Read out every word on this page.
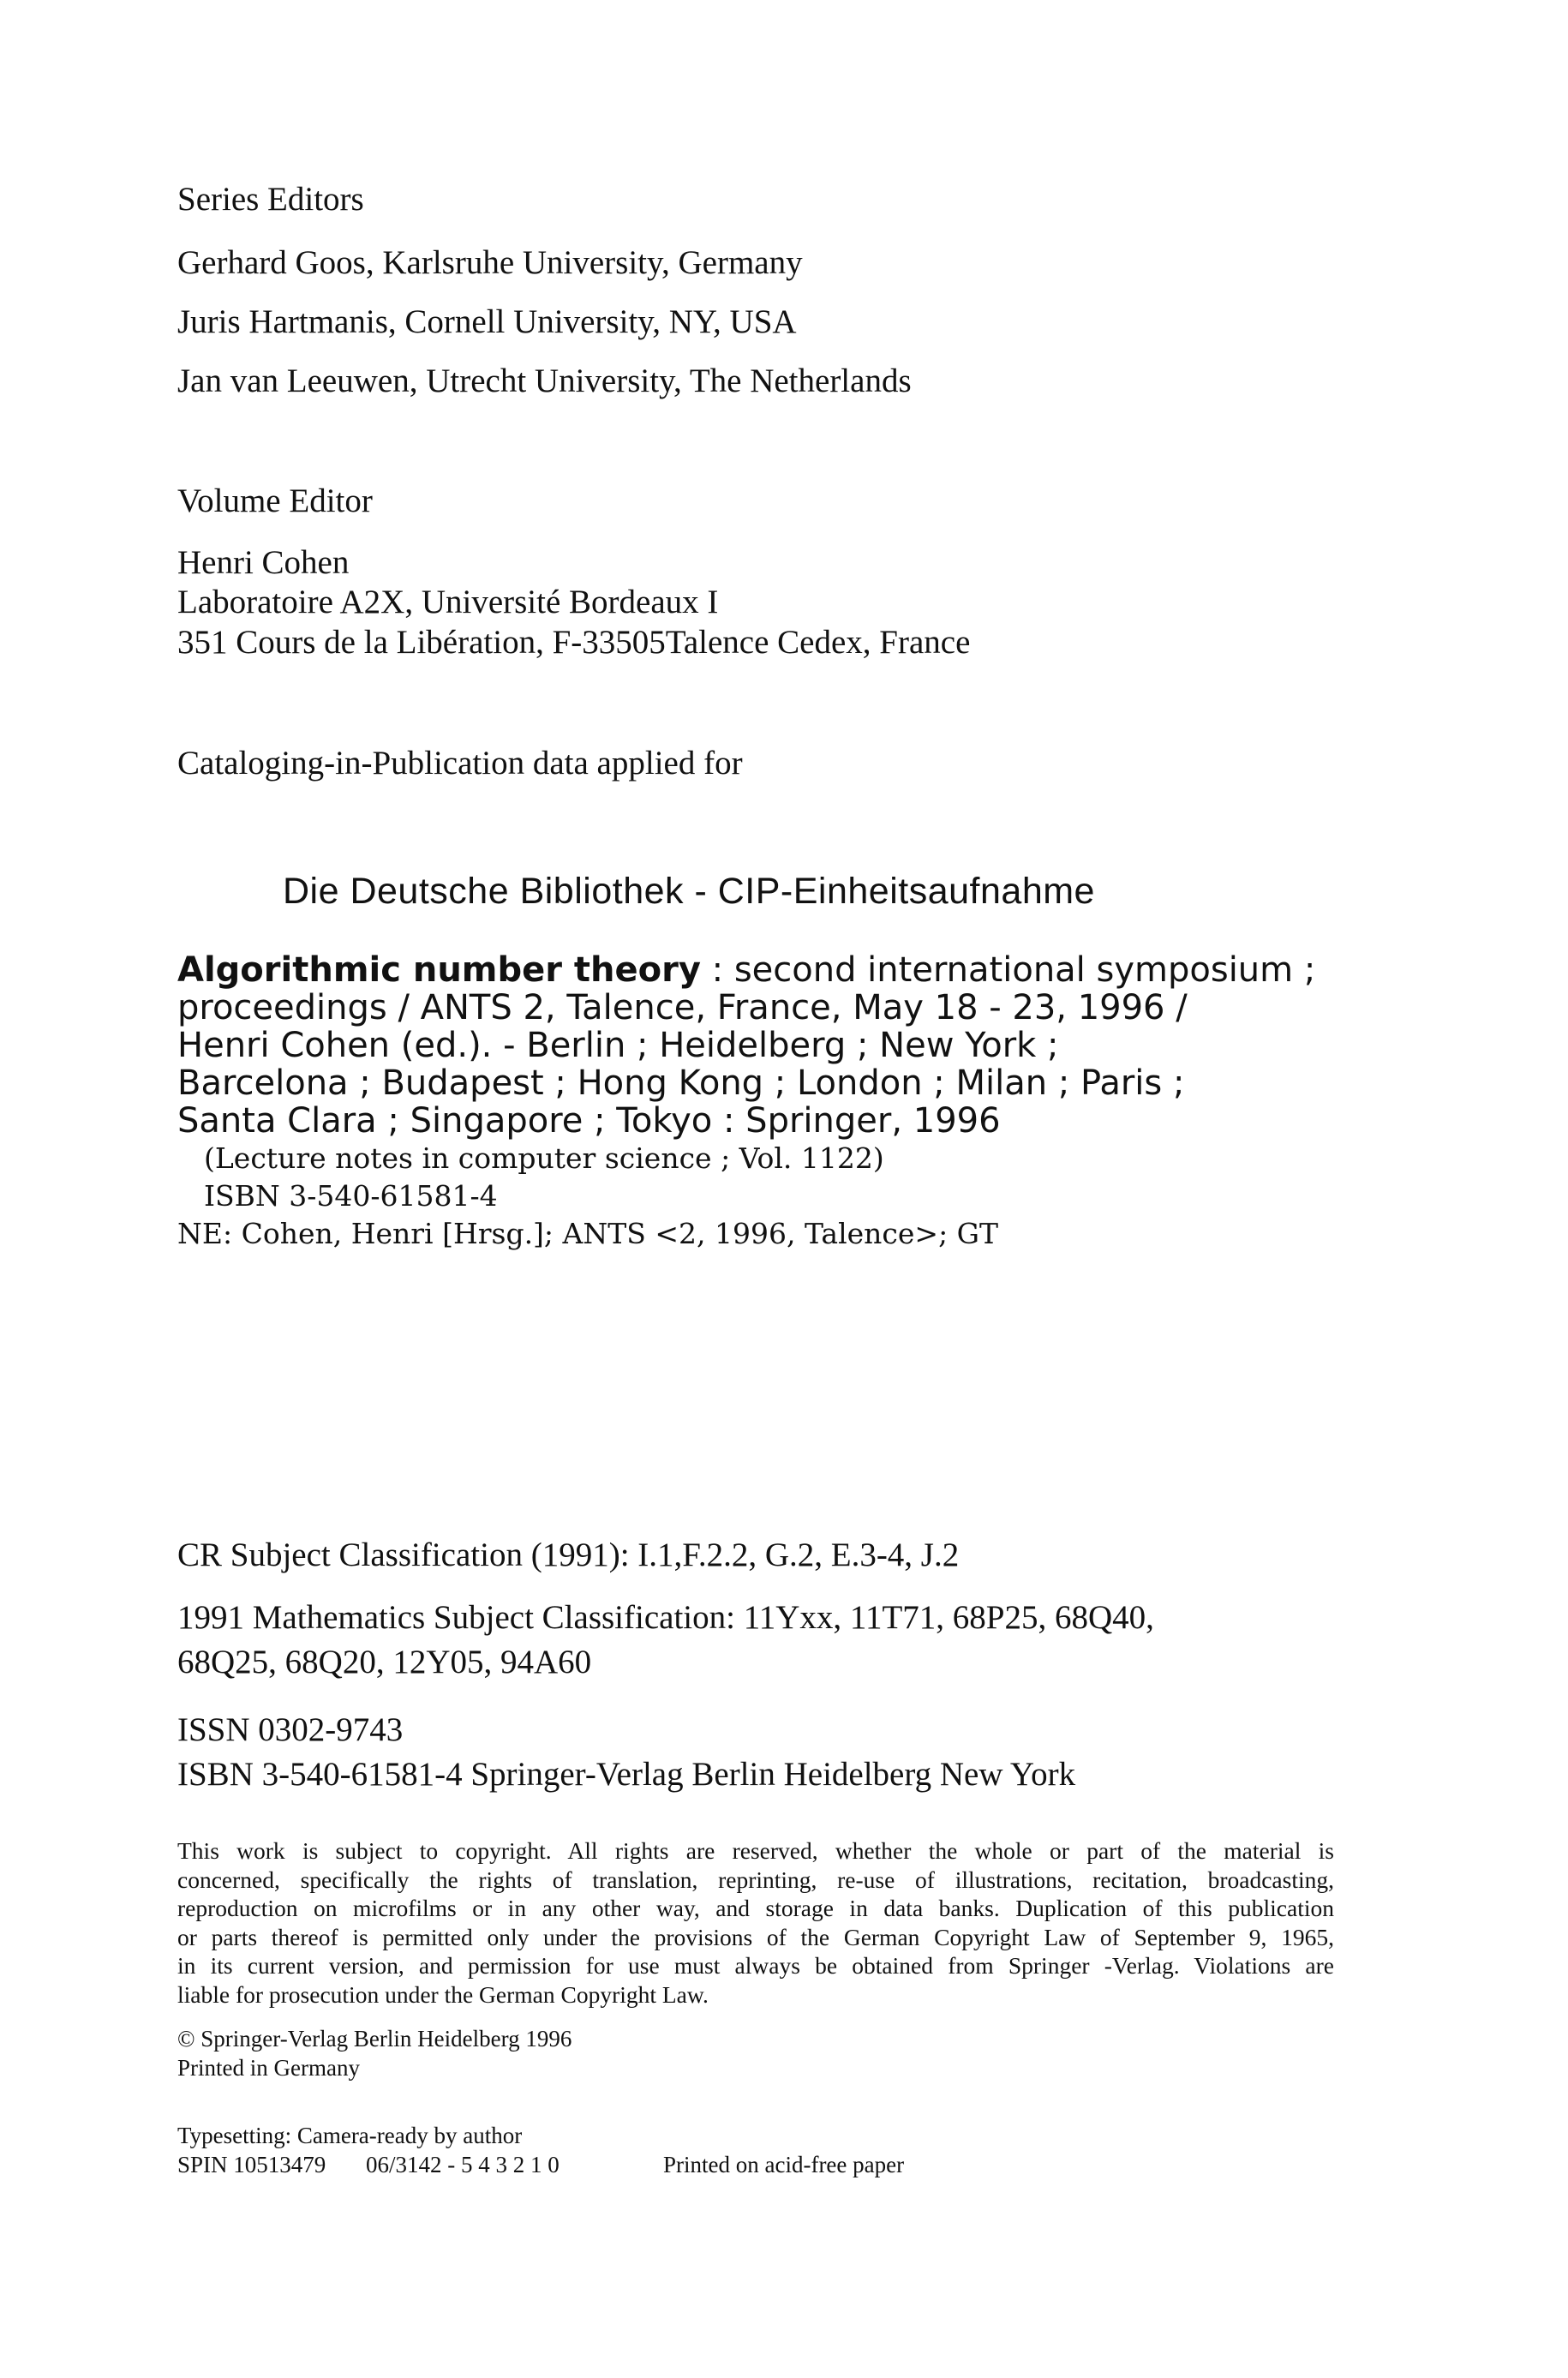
Series Editors

Gerhard Goos, Karlsruhe University, Germany

Juris Hartmanis, Cornell University, NY, USA

Jan van Leeuwen, Utrecht University, The Netherlands

Volume Editor

Henri Cohen

Laboratoire A2X, Université Bordeaux I

351 Cours de la Libération, F-33505Talence Cedex, France

Cataloging-in-Publication data applied for

Die Deutsche Bibliothek - CIP-Einheitsaufnahme
Algorithmic number theory : second international symposium ;
proceedings / ANTS 2, Talence, France, May 18 - 23, 1996 /
Henri Cohen (ed.). - Berlin ; Heidelberg ; New York ;
Barcelona ; Budapest ; Hong Kong ; London ; Milan ; Paris ;
Santa Clara ; Singapore ; Tokyo : Springer, 1996
(Lecture notes in computer science ; Vol. 1122)
ISBN 3-540-61581-4
NE: Cohen, Henri [Hrsg.]; ANTS <2, 1996, Talence>; GT

CR Subject Classification (1991): I.1,F.2.2, G.2, E.3-4, J.2

1991 Mathematics Subject Classification: 11Yxx, 11T71, 68P25, 68Q40,

68Q25, 68Q20, 12Y05, 94A60

ISSN 0302-9743

ISBN 3-540-61581-4 Springer-Verlag Berlin Heidelberg New York

This work is subject to copyright. All rights are reserved, whether the whole or part of the material is
concerned, specifically the rights of translation, reprinting, re-use of illustrations, recitation, broadcasting,
reproduction on microfilms or in any other way, and storage in data banks. Duplication of this publication
or parts thereof is permitted only under the provisions of the German Copyright Law of September 9, 1965,
in its current version, and permission for use must always be obtained from Springer -Verlag. Violations are
liable for prosecution under the German Copyright Law.

© Springer-Verlag Berlin Heidelberg 1996

Printed in Germany

Typesetting: Camera-ready by author

SPIN 10513479 06/3142 - 5 4 3 2 1 0	Printed on acid-free paper
